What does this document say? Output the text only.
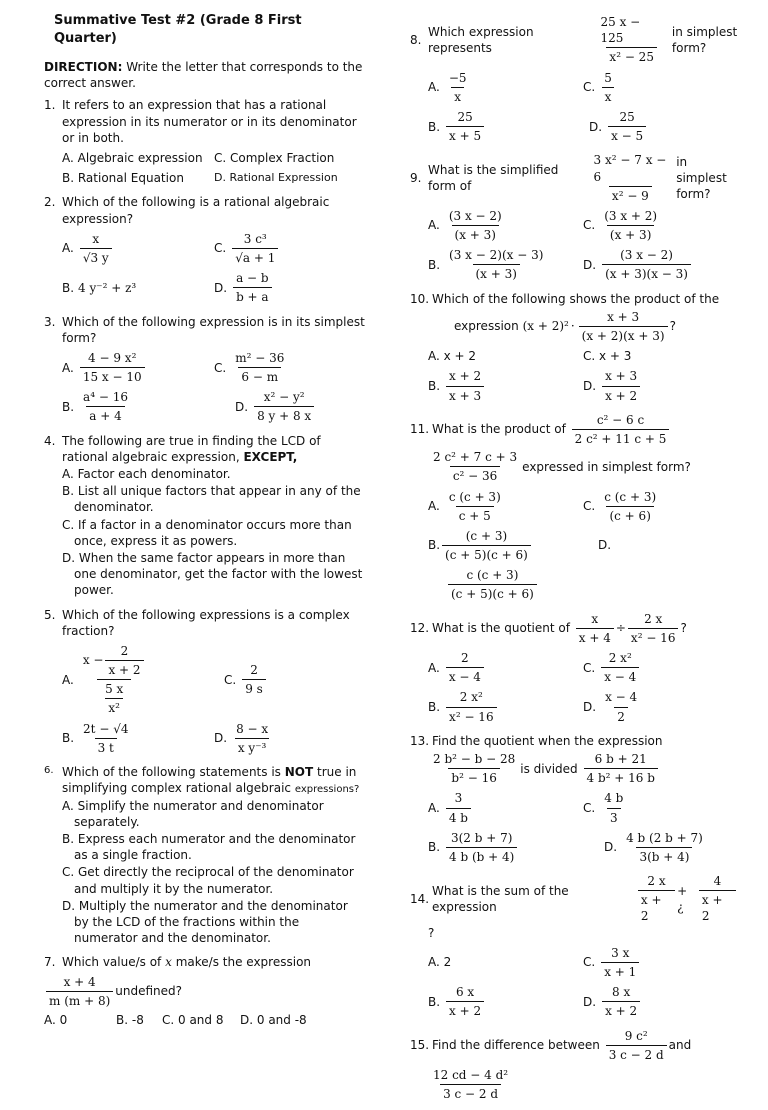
Summative Test #2 (Grade 8 First Quarter)
DIRECTION: Write the letter that corresponds to the correct answer.
1. It refers to an expression that has a rational expression in its numerator or in its denominator or in both.
A. Algebraic expression C. Complex Fraction
B. Rational Equation	D. Rational Expression
2. Which of the following is a rational algebraic expression?
A. $\frac{x}{√3 y}$	C. $\frac{\text{3 c³}}{√a + 1}$
B. 4 y⁻² + z³	D. $\frac{a - b}{b + a}$
3. Which of the following expression is in its simplest form?
A. $\frac{\text{4 − 9 x²}}{15 x - 10}$	C. $\frac{\text{m² − 36}}{6 - m}$
B. $\frac{\text{a⁴ − 16}}{a + 4}$	D. $\frac{\text{x² − y²}}{8 y + 8 x}$
4. The following are true in finding the LCD of rational algebraic expression, EXCEPT,
A. Factor each denominator.
B. List all unique factors that appear in any of the denominator.
C. If a factor in a denominator occurs more than once, express it as powers.
D. When the same factor appears in more than one denominator, get the factor with the lowest power.
5. Which of the following expressions is a complex fraction?
A. $\frac{x - \frac{2}{x + 2}}{\frac{5 x}{\text{x²}}}$	C. $\frac{2}{9 s}$
B. $\frac{2t - √4}{3 t}$	D. $\frac{8 - x}{\text{x y⁻³}}$
6. Which of the following statements is NOT true in simplifying complex rational algebraic expressions?
A. Simplify the numerator and denominator separately.
B. Express each numerator and the denominator as a single fraction.
C. Get directly the reciprocal of the denominator and multiply it by the numerator.
D. Multiply the numerator and the denominator by the LCD of the fractions within the numerator and the denominator.
7. Which value/s of x make/s the expression
$\frac{x + 4}{m (m + 8)}$ undefined?
A. 0	B. -8	C. 0 and 8	D. 0 and -8
8.
Which expression represents
	$\frac{25 x - 125}{\text{x² − 25}}$ in simplest form?
A. $\frac{-5}{x}$	C. $\frac{5}{x}$
B. $\frac{25}{x + 5}$	D. $\frac{25}{x - 5}$
9.
What is the simplified form of
	$\frac{\text{3 x² − 7 x − 6}}{\text{x² − 9}}$ in simplest form?
A. $\frac{(3 x - 2)}{(x + 3)}$	C. $\frac{(3 x + 2)}{(x + 3)}$
B. $\frac{(3 x - 2)(x - 3)}{(x + 3)}$	D. $\frac{(3 x - 2)}{(x + 3)(x - 3)}$
10. Which of the following shows the product of the
expression
$(x + 2)^2 \cdot \frac{x + 3}{(x + 2)(x + 3)}$ ?
A. x + 2	C. x + 3
B. $\frac{x + 2}{x + 3}$	D. $\frac{x + 3}{x + 2}$
11. What is the product of
$\frac{\text{c² − 6 c}}{\text{2 c² + 11 c + 5}}$
$\frac{\text{2 c² + 7 c + 3}}{\text{c² − 36}}$ expressed in simplest form?
A. $\frac{c (c + 3)}{c + 5}$	C. $\frac{c (c + 3)}{(c + 6)}$
B. $\frac{(c + 3)}{(c + 5)(c + 6)}$	D.
$\frac{c (c + 3)}{(c + 5)(c + 6)}$
12. What is the quotient of
$\frac{x}{x + 4} \div \frac{2 x}{\text{x² − 16}}$ ?
A. $\frac{2}{x - 4}$	C. $\frac{\text{2 x²}}{x - 4}$
B. $\frac{\text{2 x²}}{\text{x² − 16}}$	D. $\frac{x - 4}{2}$
13. Find the quotient when the expression
$\frac{\text{2 b² − b − 28}}{\text{b² − 16}}$ is divided
$\frac{6 b + 21}{\text{4 b² + 16 b}}$
A. $\frac{3}{4 b}$	C. $\frac{4 b}{3}$
B. $\frac{3(2 b + 7)}{4 b (b + 4)}$	D. $\frac{4 b (2 b + 7)}{3(b + 4)}$
14.
What is the sum of the expression
	$\frac{2 x}{x + 2}$ + ¿	$\frac{4}{x + 2}$
?
A. 2	C. $\frac{3 x}{x + 1}$
B. $\frac{6 x}{x + 2}$	D. $\frac{8 x}{x + 2}$
15. Find the difference between
$\frac{\text{9 c²}}{3 c - 2 d}$ and
$\frac{\text{12 cd − 4 d²}}{3 c - 2 d}$
